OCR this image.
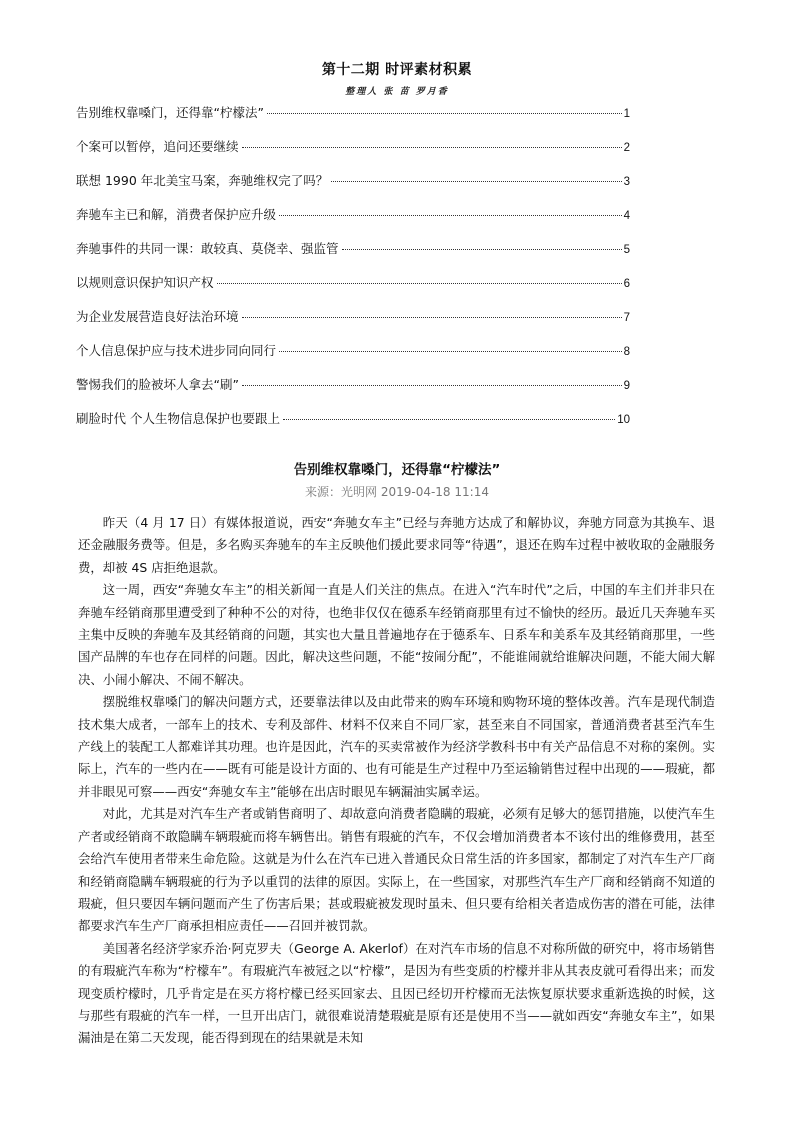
第十二期 时评素材积累
整理人 张 苗 罗月香
告别维权靠嗓门，还得靠“柠檬法”	1
个案可以暂停，追问还要继续	2
联想 1990 年北美宝马案，奔驰维权完了吗？	3
奔驰车主已和解，消费者保护应升级	4
奔驰事件的共同一课：敢较真、莫侥幸、强监管	5
以规则意识保护知识产权	6
为企业发展营造良好法治环境	7
个人信息保护应与技术进步同向同行	8
警惕我们的脸被坏人拿去“刷”	9
刷脸时代 个人生物信息保护也要跟上	10
告别维权靠嗓门，还得靠“柠檬法”
来源：光明网 2019-04-18 11:14

昨天（4 月 17 日）有媒体报道说，西安“奔驰女车主”已经与奔驰方达成了和解协议，奔驰方同意为其换车、退还金融服务费等。但是，多名购买奔驰车的车主反映他们援此要求同等“待遇”，退还在购车过程中被收取的金融服务费，却被 4S 店拒绝退款。

这一周，西安“奔驰女车主”的相关新闻一直是人们关注的焦点。在进入“汽车时代”之后，中国的车主们并非只在奔驰车经销商那里遭受到了种种不公的对待，也绝非仅仅在德系车经销商那里有过不愉快的经历。最近几天奔驰车买主集中反映的奔驰车及其经销商的问题，其实也大量且普遍地存在于德系车、日系车和美系车及其经销商那里，一些国产品牌的车也存在同样的问题。因此，解决这些问题，不能“按闹分配”，不能谁闹就给谁解决问题，不能大闹大解决、小闹小解决、不闹不解决。

摆脱维权靠嗓门的解决问题方式，还要靠法律以及由此带来的购车环境和购物环境的整体改善。汽车是现代制造技术集大成者，一部车上的技术、专利及部件、材料不仅来自不同厂家，甚至来自不同国家，普通消费者甚至汽车生产线上的装配工人都难详其功理。也许是因此，汽车的买卖常被作为经济学教科书中有关产品信息不对称的案例。实际上，汽车的一些内在——既有可能是设计方面的、也有可能是生产过程中乃至运输销售过程中出现的——瑕疵，都并非眼见可察——西安“奔驰女车主”能够在出店时眼见车辆漏油实属幸运。

对此，尤其是对汽车生产者或销售商明了、却故意向消费者隐瞒的瑕疵，必须有足够大的惩罚措施，以使汽车生产者或经销商不敢隐瞒车辆瑕疵而将车辆售出。销售有瑕疵的汽车，不仅会增加消费者本不该付出的维修费用，甚至会给汽车使用者带来生命危险。这就是为什么在汽车已进入普通民众日常生活的许多国家，都制定了对汽车生产厂商和经销商隐瞒车辆瑕疵的行为予以重罚的法律的原因。实际上，在一些国家，对那些汽车生产厂商和经销商不知道的瑕疵，但只要因车辆问题而产生了伤害后果；甚或瑕疵被发现时虽未、但只要有给相关者造成伤害的潜在可能，法律都要求汽车生产厂商承担相应责任——召回并被罚款。

美国著名经济学家乔治·阿克罗夫（George A. Akerlof）在对汽车市场的信息不对称所做的研究中，将市场销售的有瑕疵汽车称为“柠檬车”。有瑕疵汽车被冠之以“柠檬”，是因为有些变质的柠檬并非从其表皮就可看得出来；而发现变质柠檬时，几乎肯定是在买方将柠檬已经买回家去、且因已经切开柠檬而无法恢复原状要求重新选换的时候，这与那些有瑕疵的汽车一样，一旦开出店门，就很难说清楚瑕疵是原有还是使用不当——就如西安“奔驰女车主”，如果漏油是在第二天发现，能否得到现在的结果就是未知
